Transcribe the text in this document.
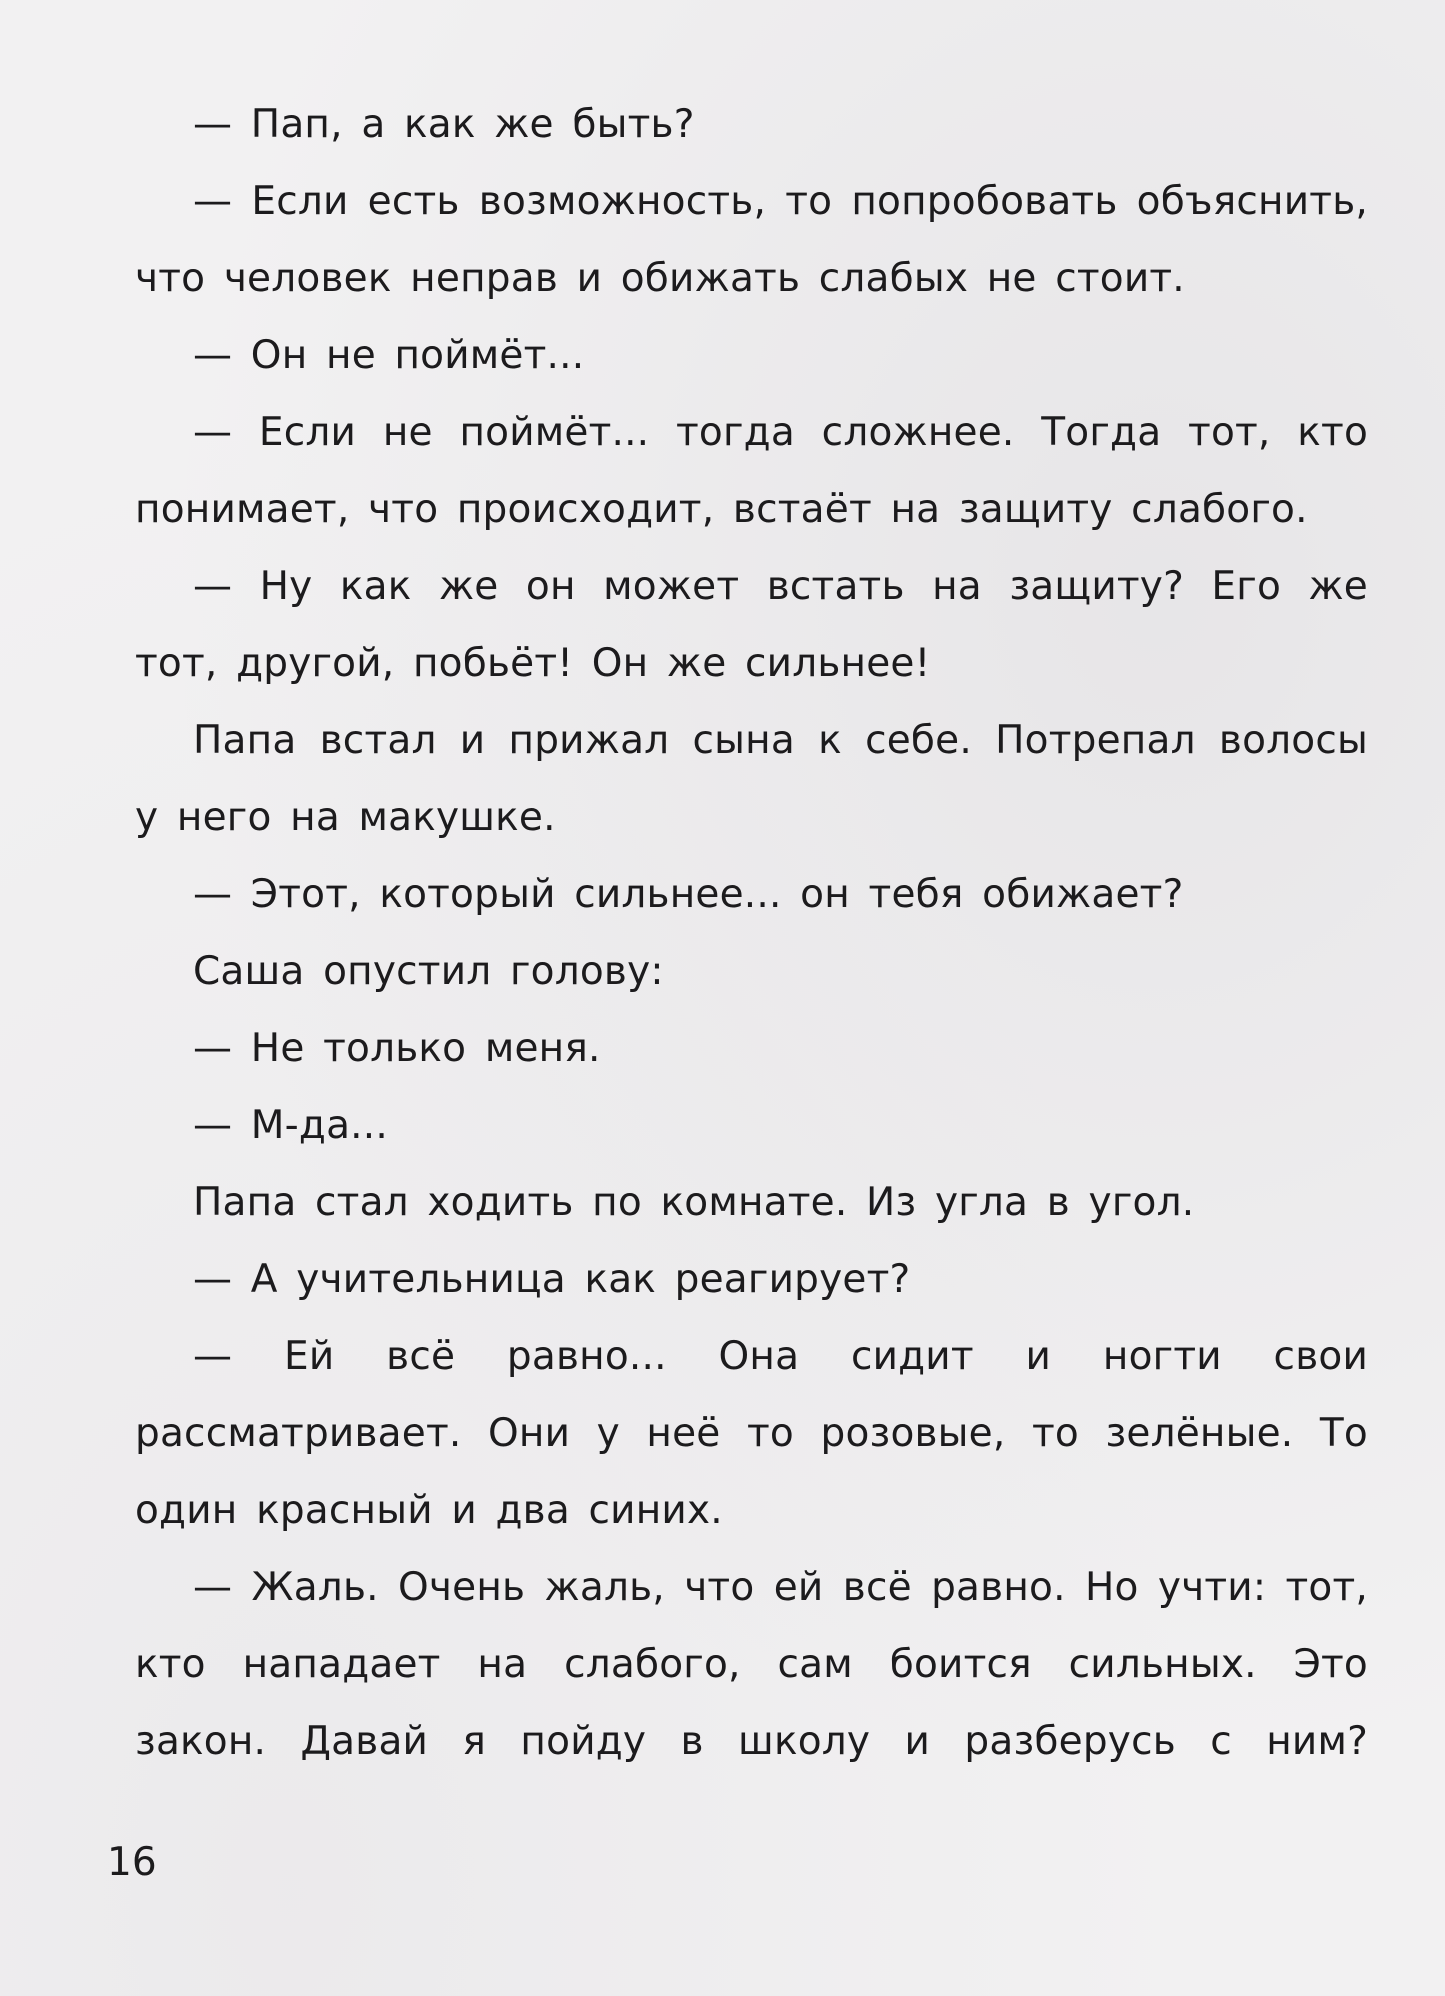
— Пап, а как же быть?

— Если есть возможность, то попробовать объяснить, что человек неправ и обижать слабых не стоит.

— Он не поймёт...

— Если не поймёт... тогда сложнее. Тогда тот, кто понимает, что происходит, встаёт на защиту слабого.

— Ну как же он может встать на защиту? Его же тот, другой, побьёт! Он же сильнее!

Папа встал и прижал сына к себе. Потрепал волосы у него на макушке.

— Этот, который сильнее... он тебя обижает?

Саша опустил голову:

— Не только меня.

— М-да...

Папа стал ходить по комнате. Из угла в угол.

— А учительница как реагирует?

— Ей всё равно... Она сидит и ногти свои рассматривает. Они у неё то розовые, то зелёные. То один красный и два синих.

— Жаль. Очень жаль, что ей всё равно. Но учти: тот, кто нападает на слабого, сам боится сильных. Это закон. Давай я пойду в школу и разберусь с ним?

16
